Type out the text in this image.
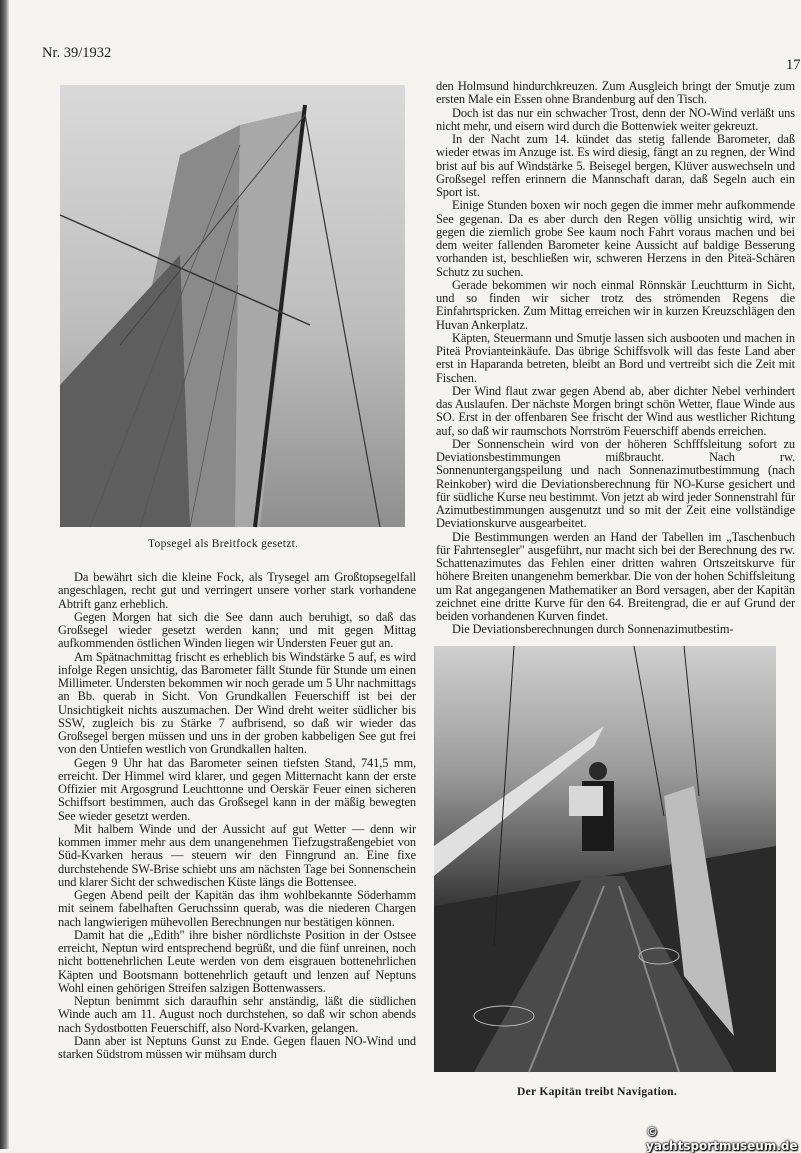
Nr. 39/1932
17
Topsegel als Breitfock gesetzt.

Da bewährt sich die kleine Fock, als Trysegel am Großtopsegelfall angeschlagen, recht gut und verringert unsere vorher stark vorhandene Abtrift ganz erheblich.

Gegen Morgen hat sich die See dann auch beruhigt, so daß das Großsegel wieder gesetzt werden kann; und mit gegen Mittag aufkommenden östlichen Winden liegen wir Understen Feuer gut an.

Am Spätnachmittag frischt es erheblich bis Windstärke 5 auf, es wird infolge Regen unsichtig, das Barometer fällt Stunde für Stunde um einen Millimeter. Understen bekommen wir noch gerade um 5 Uhr nachmittags an Bb. querab in Sicht. Von Grundkallen Feuerschiff ist bei der Unsichtigkeit nichts auszumachen. Der Wind dreht weiter südlicher bis SSW, zugleich bis zu Stärke 7 aufbrisend, so daß wir wieder das Großsegel bergen müssen und uns in der groben kabbeligen See gut frei von den Untiefen westlich von Grundkallen halten.

Gegen 9 Uhr hat das Barometer seinen tiefsten Stand, 741,5 mm, erreicht. Der Himmel wird klarer, und gegen Mitternacht kann der erste Offizier mit Argosgrund Leuchttonne und Oerskär Feuer einen sicheren Schiffsort bestimmen, auch das Großsegel kann in der mäßig bewegten See wieder gesetzt werden.

Mit halbem Winde und der Aussicht auf gut Wetter — denn wir kommen immer mehr aus dem unangenehmen Tiefzugstraßengebiet von Süd-Kvarken heraus — steuern wir den Finngrund an. Eine fixe durchstehende SW-Brise schiebt uns am nächsten Tage bei Sonnenschein und klarer Sicht der schwedischen Küste längs die Bottensee.

Gegen Abend peilt der Kapitän das ihm wohlbekannte Söderhamm mit seinem fabelhaften Geruchssinn querab, was die niederen Chargen nach langwierigen mühevollen Berechnungen nur bestätigen können.

Damit hat die „Edith" ihre bisher nördlichste Position in der Ostsee erreicht, Neptun wird entsprechend begrüßt, und die fünf unreinen, noch nicht bottenehrlichen Leute werden von dem eisgrauen bottenehrlichen Käpten und Bootsmann bottenehrlich getauft und lenzen auf Neptuns Wohl einen gehörigen Streifen salzigen Bottenwassers.

Neptun benimmt sich daraufhin sehr anständig, läßt die südlichen Winde auch am 11. August noch durchstehen, so daß wir schon abends nach Sydostbotten Feuerschiff, also Nord-Kvarken, gelangen.

Dann aber ist Neptuns Gunst zu Ende. Gegen flauen NO-Wind und starken Südstrom müssen wir mühsam durch

den Holmsund hindurchkreuzen. Zum Ausgleich bringt der Smutje zum ersten Male ein Essen ohne Brandenburg auf den Tisch.

Doch ist das nur ein schwacher Trost, denn der NO-Wind verläßt uns nicht mehr, und eisern wird durch die Bottenwiek weiter gekreuzt.

In der Nacht zum 14. kündet das stetig fallende Barometer, daß wieder etwas im Anzuge ist. Es wird diesig, fängt an zu regnen, der Wind brist auf bis auf Windstärke 5. Beisegel bergen, Klüver auswechseln und Großsegel reffen erinnern die Mannschaft daran, daß Segeln auch ein Sport ist.

Einige Stunden boxen wir noch gegen die immer mehr aufkommende See gegenan. Da es aber durch den Regen völlig unsichtig wird, wir gegen die ziemlich grobe See kaum noch Fahrt voraus machen und bei dem weiter fallenden Barometer keine Aussicht auf baldige Besserung vorhanden ist, beschließen wir, schweren Herzens in den Piteä-Schären Schutz zu suchen.

Gerade bekommen wir noch einmal Rönnskär Leuchtturm in Sicht, und so finden wir sicher trotz des strömenden Regens die Einfahrtspricken. Zum Mittag erreichen wir in kurzen Kreuzschlägen den Huvan Ankerplatz.

Käpten, Steuermann und Smutje lassen sich ausbooten und machen in Piteä Provianteinkäufe. Das übrige Schiffsvolk will das feste Land aber erst in Haparanda betreten, bleibt an Bord und vertreibt sich die Zeit mit Fischen.

Der Wind flaut zwar gegen Abend ab, aber dichter Nebel verhindert das Auslaufen. Der nächste Morgen bringt schön Wetter, flaue Winde aus SO. Erst in der offenbaren See frischt der Wind aus westlicher Richtung auf, so daß wir raumschots Norrström Feuerschiff abends erreichen.

Der Sonnenschein wird von der höheren Schfffsleitung sofort zu Deviationsbestimmungen mißbraucht. Nach rw. Sonnenuntergangspeilung und nach Sonnenazimutbestimmung (nach Reinkober) wird die Deviationsberechnung für NO-Kurse gesichert und für südliche Kurse neu bestimmt. Von jetzt ab wird jeder Sonnenstrahl für Azimutbestimmungen ausgenutzt und so mit der Zeit eine vollständige Deviationskurve ausgearbeitet.

Die Bestimmungen werden an Hand der Tabellen im „Taschenbuch für Fahrtensegler" ausgeführt, nur macht sich bei der Berechnung des rw. Schattenazimutes das Fehlen einer dritten wahren Ortszeitskurve für höhere Breiten unangenehm bemerkbar. Die von der hohen Schiffsleitung um Rat angegangenen Mathematiker an Bord versagen, aber der Kapitän zeichnet eine dritte Kurve für den 64. Breitengrad, die er auf Grund der beiden vorhandenen Kurven findet.

Die Deviationsberechnungen durch Sonnenazimutbestim-

Der Kapitän treibt Navigation.
© yachtsportmuseum.de
